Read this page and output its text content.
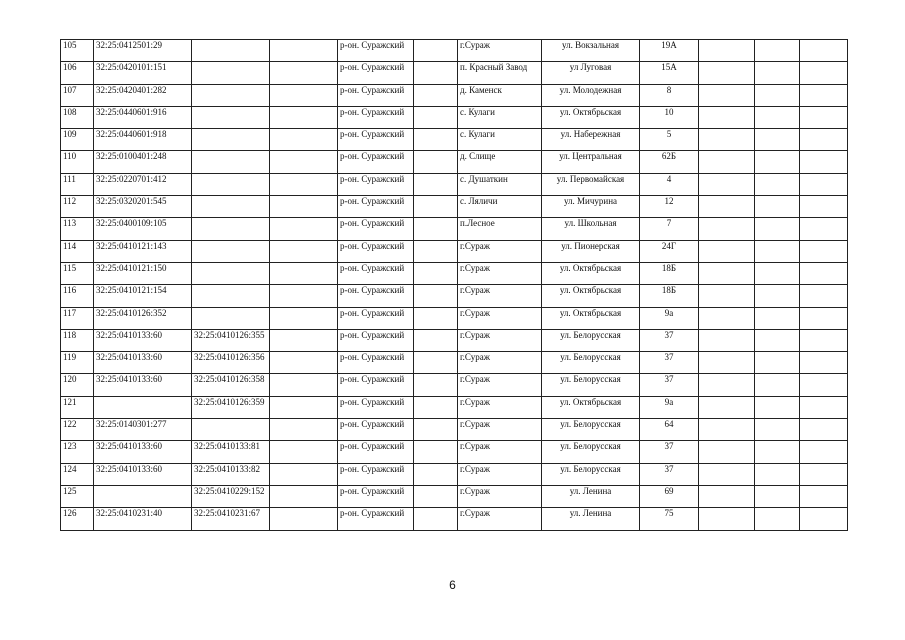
105	32:25:0412501:29			р-он. Суражский		г.Сураж	ул. Вокзальная	19А			
106	32:25:0420101:151			р-он. Суражский		п. Красный Завод	ул Луговая	15А			
107	32:25:0420401:282			р-он. Суражский		д. Каменск	ул. Молодежная	8			
108	32:25:0440601:916			р-он. Суражский		с. Кулаги	ул. Октябрьская	10			
109	32:25:0440601:918			р-он. Суражский		с. Кулаги	ул. Набережная	5			
110	32:25:0100401:248			р-он. Суражский		д. Слище	ул. Центральная	62Б			
111	32:25:0220701:412			р-он. Суражский		с. Душаткин	ул. Первомайская	4			
112	32:25:0320201:545			р-он. Суражский		с. Ляличи	ул. Мичурина	12			
113	32:25:0400109:105			р-он. Суражский		п.Лесное	ул. Школьная	7			
114	32:25:0410121:143			р-он. Суражский		г.Сураж	ул. Пионерская	24Г			
115	32:25:0410121:150			р-он. Суражский		г.Сураж	ул. Октябрьская	18Б			
116	32:25:0410121:154			р-он. Суражский		г.Сураж	ул. Октябрьская	18Б			
117	32:25:0410126:352			р-он. Суражский		г.Сураж	ул. Октябрьская	9а			
118	32:25:0410133:60	32:25:0410126:355		р-он. Суражский		г.Сураж	ул. Белорусская	37			
119	32:25:0410133:60	32:25:0410126:356		р-он. Суражский		г.Сураж	ул. Белорусская	37			
120	32:25:0410133:60	32:25:0410126:358		р-он. Суражский		г.Сураж	ул. Белорусская	37			
121		32:25:0410126:359		р-он. Суражский		г.Сураж	ул. Октябрьская	9а			
122	32:25:0140301:277			р-он. Суражский		г.Сураж	ул. Белорусская	64			
123	32:25:0410133:60	32:25:0410133:81		р-он. Суражский		г.Сураж	ул. Белорусская	37			
124	32:25:0410133:60	32:25:0410133:82		р-он. Суражский		г.Сураж	ул. Белорусская	37			
125		32:25:0410229:152		р-он. Суражский		г.Сураж	ул. Ленина	69			
126	32:25:0410231:40	32:25:0410231:67		р-он. Суражский		г.Сураж	ул. Ленина	75			
6
